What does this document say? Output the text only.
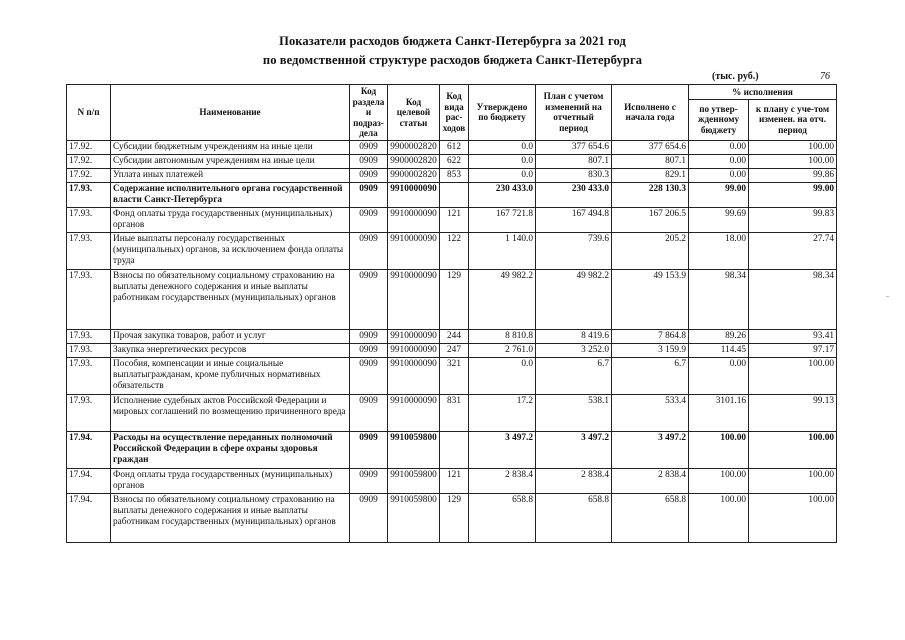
Показатели расходов бюджета Санкт-Петербурга за 2021 год
по ведомственной структуре расходов бюджета Санкт-Петербурга
(тыс. руб.)	76
N п/п	Наименование	Код раздела и подраз-дела	Код целевой статьи	Код вида рас-ходов	Утверждено по бюджету	План с учетом изменений на отчетный период	Исполнено с начала года	% исполнения	
								по утвер-жденному бюджету	к плану с уче-том изменен. на отч. период
17.92.	Субсидии бюджетным учреждениям на иные цели	0909	9900002820	612	0.0	377 654.6	377 654.6	0.00	100.00
17.92.	Субсидии автономным учреждениям на иные цели	0909	9900002820	622	0.0	807.1	807.1	0.00	100.00
17.92.	Уплата иных платежей	0909	9900002820	853	0.0	830.3	829.1	0.00	99.86
17.93.	Содержание исполнительного органа государственной власти Санкт-Петербурга	0909	9910000090		230 433.0	230 433.0	228 130.3	99.00	99.00
17.93.	Фонд оплаты труда государственных (муниципальных) органов	0909	9910000090	121	167 721.8	167 494.8	167 206.5	99.69	99.83
17.93.	Иные выплаты персоналу государственных (муниципальных) органов, за исключением фонда оплаты труда	0909	9910000090	122	1 140.0	739.6	205.2	18.00	27.74
17.93.	Взносы по обязательному социальному страхованию на выплаты денежного содержания и иные выплаты работникам государственных (муниципальных) органов	0909	9910000090	129	49 982.2	49 982.2	49 153.9	98.34	98.34
17.93.	Прочая закупка товаров, работ и услуг	0909	9910000090	244	8 810.8	8 419.6	7 864.8	89.26	93.41
17.93.	Закупка энергетических ресурсов	0909	9910000090	247	2 761.0	3 252.0	3 159.9	114.45	97.17
17.93.	Пособия, компенсации и иные социальные выплатыгражданам, кроме публичных нормативных обязательств	0909	9910000090	321	0.0	6.7	6.7	0.00	100.00
17.93.	Исполнение судебных актов Российской Федерации и мировых соглашений по возмещению причиненного вреда	0909	9910000090	831	17.2	538.1	533.4	3101.16	99.13
17.94.	Расходы на осуществление переданных полномочий Российской Федерации в сфере охраны здоровья граждан	0909	9910059800		3 497.2	3 497.2	3 497.2	100.00	100.00
17.94.	Фонд оплаты труда государственных (муниципальных) органов	0909	9910059800	121	2 838.4	2 838.4	2 838.4	100.00	100.00
17.94.	Взносы по обязательному социальному страхованию на выплаты денежного содержания и иные выплаты работникам государственных (муниципальных) органов	0909	9910059800	129	658.8	658.8	658.8	100.00	100.00
